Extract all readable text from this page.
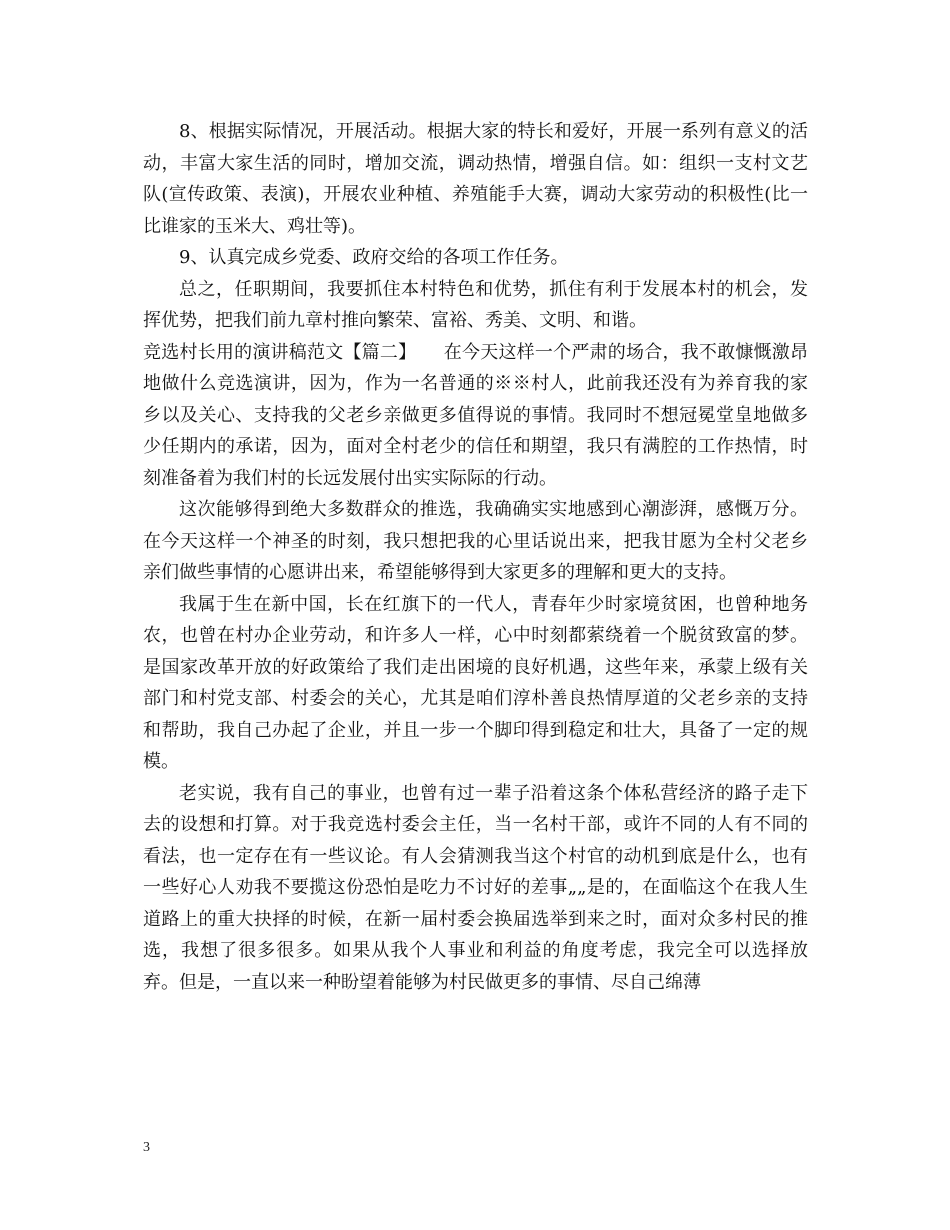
8、根据实际情况，开展活动。根据大家的特长和爱好，开展一系列有意义的活动，丰富大家生活的同时，增加交流，调动热情，增强自信。如：组织一支村文艺队(宣传政策、表演)，开展农业种植、养殖能手大赛，调动大家劳动的积极性(比一比谁家的玉米大、鸡壮等)。

9、认真完成乡党委、政府交给的各项工作任务。

总之，任职期间，我要抓住本村特色和优势，抓住有利于发展本村的机会，发挥优势，把我们前九章村推向繁荣、富裕、秀美、文明、和谐。

竞选村长用的演讲稿范文【篇二】　　在今天这样一个严肃的场合，我不敢慷慨激昂地做什么竞选演讲，因为，作为一名普通的※※村人，此前我还没有为养育我的家乡以及关心、支持我的父老乡亲做更多值得说的事情。我同时不想冠冕堂皇地做多少任期内的承诺，因为，面对全村老少的信任和期望，我只有满腔的工作热情，时刻准备着为我们村的长远发展付出实实际际的行动。

这次能够得到绝大多数群众的推选，我确确实实地感到心潮澎湃，感慨万分。在今天这样一个神圣的时刻，我只想把我的心里话说出来，把我甘愿为全村父老乡亲们做些事情的心愿讲出来，希望能够得到大家更多的理解和更大的支持。

我属于生在新中国，长在红旗下的一代人，青春年少时家境贫困，也曾种地务农，也曾在村办企业劳动，和许多人一样，心中时刻都萦绕着一个脱贫致富的梦。是国家改革开放的好政策给了我们走出困境的良好机遇，这些年来，承蒙上级有关部门和村党支部、村委会的关心，尤其是咱们淳朴善良热情厚道的父老乡亲的支持和帮助，我自己办起了企业，并且一步一个脚印得到稳定和壮大，具备了一定的规模。

老实说，我有自己的事业，也曾有过一辈子沿着这条个体私营经济的路子走下去的设想和打算。对于我竞选村委会主任，当一名村干部，或许不同的人有不同的看法，也一定存在有一些议论。有人会猜测我当这个村官的动机到底是什么，也有一些好心人劝我不要揽这份恐怕是吃力不讨好的差事„„是的，在面临这个在我人生道路上的重大抉择的时候，在新一届村委会换届选举到来之时，面对众多村民的推选，我想了很多很多。如果从我个人事业和利益的角度考虑，我完全可以选择放弃。但是，一直以来一种盼望着能够为村民做更多的事情、尽自己绵薄

3
